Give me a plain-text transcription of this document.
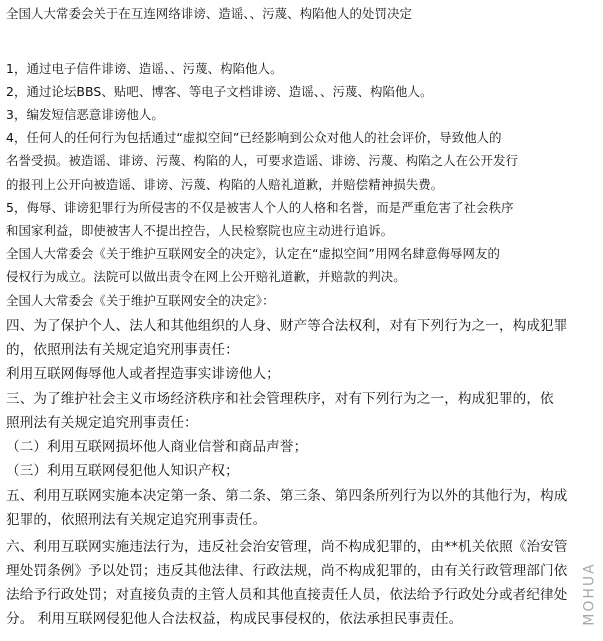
全国人大常委会关于在互连网络诽谤、造谣、、污蔑、构陷他人的处罚决定
1，通过电子信件诽谤、造谣、、污蔑、构陷他人。
2，通过论坛BBS、贴吧、博客、等电子文档诽谤、造谣、、污蔑、构陷他人。
3，编发短信恶意诽谤他人。
4，任何人的任何行为包括通过“虚拟空间”已经影响到公众对他人的社会评价，导致他人的
名誉受损。被造谣、诽谤、污蔑、构陷的人，可要求造谣、诽谤、污蔑、构陷之人在公开发行
的报刊上公开向被造谣、诽谤、污蔑、构陷的人赔礼道歉，并赔偿精神损失费。
5，侮辱、诽谤犯罪行为所侵害的不仅是被害人个人的人格和名誉，而是严重危害了社会秩序
和国家利益，即使被害人不提出控告，人民检察院也应主动进行追诉。
全国人大常委会《关于维护互联网安全的决定》，认定在“虚拟空间”用网名肆意侮辱网友的
侵权行为成立。法院可以做出责令在网上公开赔礼道歉，并赔款的判决。
全国人大常委会《关于维护互联网安全的决定》：
四、为了保护个人、法人和其他组织的人身、财产等合法权利，对有下列行为之一，构成犯罪
的，依照刑法有关规定追究刑事责任：
利用互联网侮辱他人或者捏造事实诽谤他人；
三、为了维护社会主义市场经济秩序和社会管理秩序，对有下列行为之一，构成犯罪的，依
照刑法有关规定追究刑事责任：
（二）利用互联网损坏他人商业信誉和商品声誉；
（三）利用互联网侵犯他人知识产权；
五、利用互联网实施本决定第一条、第二条、第三条、第四条所列行为以外的其他行为，构成
犯罪的，依照刑法有关规定追究刑事责任。
六、利用互联网实施违法行为，违反社会治安管理，尚不构成犯罪的，由**机关依照《治安管
理处罚条例》予以处罚；违反其他法律、行政法规，尚不构成犯罪的，由有关行政管理部门依
法给予行政处罚；对直接负责的主管人员和其他直接责任人员，依法给予行政处分或者纪律处
分。 利用互联网侵犯他人合法权益，构成民事侵权的，依法承担民事责任。	MOHUA
